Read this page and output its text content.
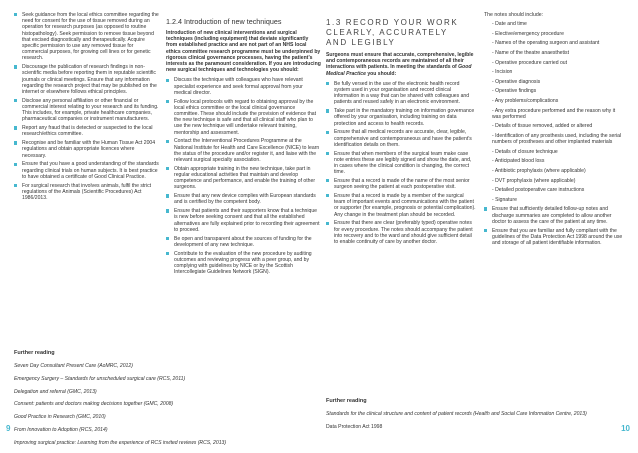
Seek guidance from the local ethics committee regarding the need for consent for the use of tissue removed during an operation for research purposes (as opposed to routine histopathology). Seek permission to remove tissue beyond that excised diagnostically and therapeutically. Acquire specific permission to use any removed tissue for commercial purposes, for growing cell lines or for genetic research.
Discourage the publication of research findings in non-scientific media before reporting them in reputable scientific journals or clinical meetings. Ensure that any information regarding the research project that may be published on the internet or elsewhere follows ethical principles.
Disclose any personal affiliation or other financial or commercial interest relating to your research and its funding. This includes, for example, private healthcare companies, pharmaceutical companies or instrument manufacturers.
Report any fraud that is detected or suspected to the local research/ethics committee.
Recognise and be familiar with the Human Tissue Act 2004 regulations and obtain appropriate licences where necessary.
Ensure that you have a good understanding of the standards regarding clinical trials on human subjects. It is best practice to have obtained a certificate of Good Clinical Practice.
For surgical research that involves animals, fulfil the strict regulations of the Animals (Scientific Procedures) Act 1986/2013.
1.2.4 Introduction of new techniques

Introduction of new clinical interventions and surgical techniques (including equipment) that deviate significantly from established practice and are not part of an NHS local ethics committee research programme must be underpinned by rigorous clinical governance processes, having the patient’s interests as the paramount consideration. If you are introducing new surgical techniques and technologies you should:

Discuss the technique with colleagues who have relevant specialist experience and seek formal approval from your medical director.
Follow local protocols with regard to obtaining approval by the local ethics committee or the local clinical governance committee. These should include the provision of evidence that the new technique is safe and that all clinical staff who plan to use the new technique will undertake relevant training, mentorship and assessment.
Contact the Interventional Procedures Programme at the National Institute for Health and Care Excellence (NICE) to learn the status of the procedure and/or register it, and liaise with the relevant surgical specialty association.
Obtain appropriate training in the new technique, take part in regular educational activities that maintain and develop competence and performance, and enable the training of other surgeons.
Ensure that any new device complies with European standards and is certified by the competent body.
Ensure that patients and their supporters know that a technique is new before seeking consent and that all the established alternatives are fully explained prior to recording their agreement to proceed.
Be open and transparent about the sources of funding for the development of any new technique.
Contribute to the evaluation of the new procedure by auditing outcomes and reviewing progress with a peer group, and by complying with guidelines by NICE or by the Scottish Intercollegiate Guidelines Network (SIGN).
1.3 RECORD YOUR WORK
CLEARLY, ACCURATELY
AND LEGIBLY

Surgeons must ensure that accurate, comprehensive, legible and contemporaneous records are maintained of all their interactions with patients. In meeting the standards of Good Medical Practice you should:

Be fully versed in the use of the electronic health record system used in your organisation and record clinical information in a way that can be shared with colleagues and patients and reused safely in an electronic environment.
Take part in the mandatory training on information governance offered by your organisation, including training on data protection and access to health records.
Ensure that all medical records are accurate, clear, legible, comprehensive and contemporaneous and have the patient’s identification details on them.
Ensure that when members of the surgical team make case note entries these are legibly signed and show the date, and, in cases where the clinical condition is changing, the correct time.
Ensure that a record is made of the name of the most senior surgeon seeing the patient at each postoperative visit.
Ensure that a record is made by a member of the surgical team of important events and communications with the patient or supporter (for example, prognosis or potential complication). Any change in the treatment plan should be recorded.
Ensure that there are clear (preferably typed) operative notes for every procedure. The notes should accompany the patient into recovery and to the ward and should give sufficient detail to enable continuity of care by another doctor.

The notes should include:

- Date and time
- Elective/emergency procedure
- Names of the operating surgeon and assistant
- Name of the theatre anaesthetist
- Operative procedure carried out
- Incision
- Operative diagnosis
- Operative findings
- Any problems/complications
- Any extra procedure performed and the reason why it was performed
- Details of tissue removed, added or altered
- Identification of any prosthesis used, including the serial numbers of prostheses and other implanted materials
- Details of closure technique
- Anticipated blood loss
- Antibiotic prophylaxis (where applicable)
- DVT prophylaxis (where applicable)
- Detailed postoperative care instructions
- Signature
Ensure that sufficiently detailed follow-up notes and discharge summaries are completed to allow another doctor to assess the care of the patient at any time.
Ensure that you are familiar and fully compliant with the guidelines of the Data Protection Act 1998 around the use and storage of all patient identifiable information.
Further reading
Seven Day Consultant Present Care (AoMRC, 2012)
Emergency Surgery – Standards for unscheduled surgical care (RCS, 2011)
Delegation and referral (GMC, 2013)
Consent: patients and doctors making decisions together (GMC, 2008)
Good Practice in Research (GMC, 2010)
From Innovation to Adoption (RCS, 2014)
Improving surgical practice: Learning from the experience of RCS invited reviews (RCS, 2013)
Further reading
Standards for the clinical structure and content of patient records (Health and Social Care Information Centre, 2013)
Data Protection Act 1998
9	10
